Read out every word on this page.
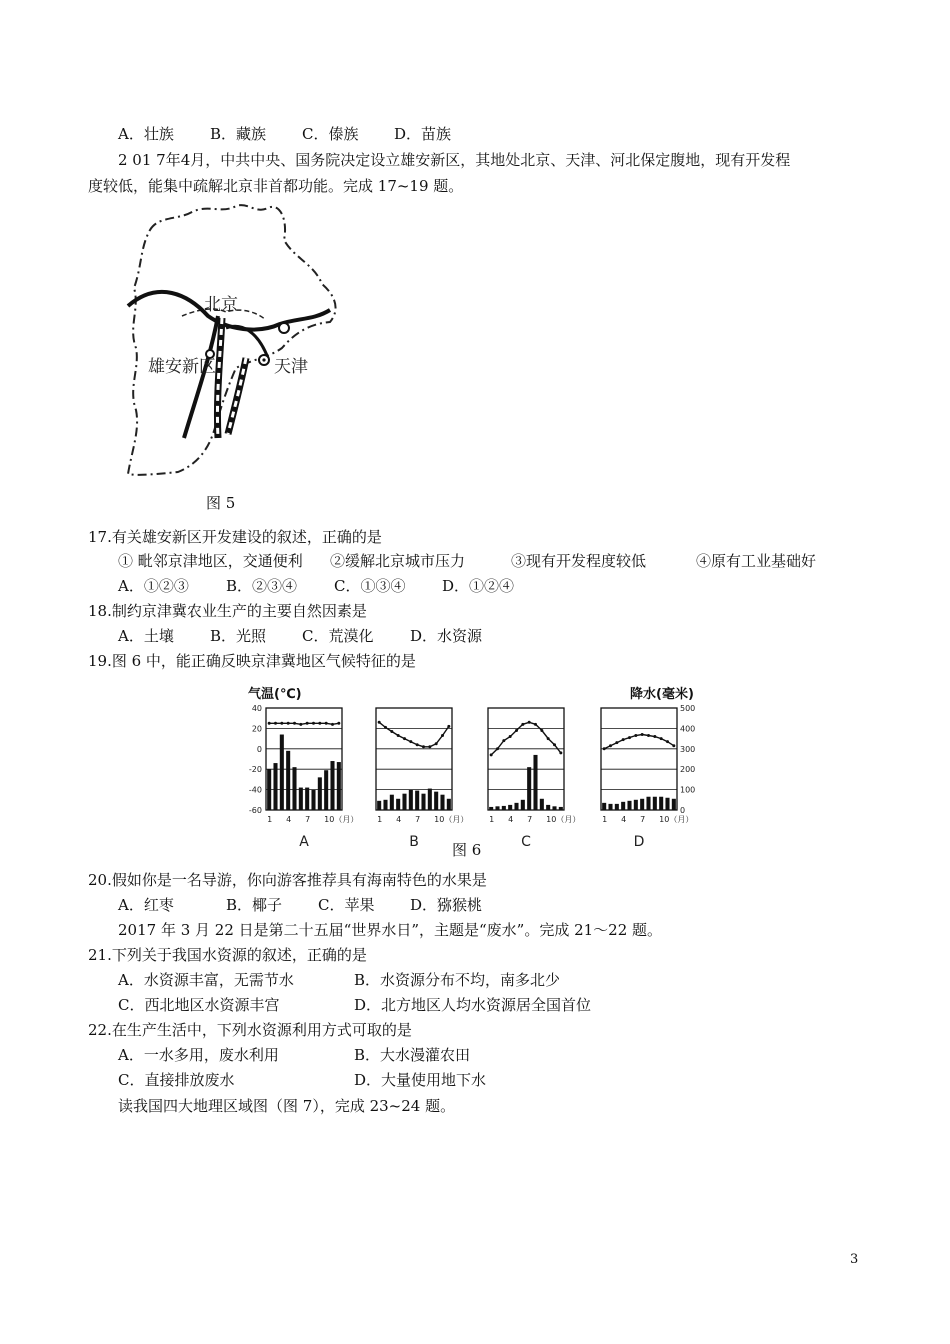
A．壮族 B．藏族 C．傣族 D．苗族
2 01 7年4月，中共中央、国务院决定设立雄安新区，其地处北京、天津、河北保定腹地，现有开发程
度较低，能集中疏解北京非首都功能。完成 17~19 题。
北京
雄安新区	天津
图 5
17.有关雄安新区开发建设的叙述，正确的是
① 毗邻京津地区，交通便利 ②缓解北京城市压力	③现有开发程度较低	④原有工业基础好
A．①②③ B．②③④ C．①③④ D．①②④
18.制约京津冀农业生产的主要自然因素是
A．土壤 B．光照 C．荒漠化 D．水资源
19.图 6 中，能正确反映京津冀地区气候特征的是
气温(℃)	降水(毫米)
40
20
0
-20
-40
-60
500
400
300
200
100
0
1 4 7 10（月）
A
1 4 7 10（月）
B
1 4 7 10（月）
C
1 4 7 10（月）
D
图 6
20.假如你是一名导游，你向游客推荐具有海南特色的水果是
A．红枣	B．椰子 C．苹果 D．猕猴桃
2017 年 3 月 22 日是第二十五届“世界水日”，主题是“废水”。完成 21～22 题。
21.下列关于我国水资源的叙述，正确的是
A．水资源丰富，无需节水	B．水资源分布不均，南多北少
C．西北地区水资源丰宫	D．北方地区人均水资源居全国首位
22.在生产生活中，下列水资源利用方式可取的是
A．一水多用，废水利用	B．大水漫灌农田
C．直接排放废水	D．大量使用地下水
读我国四大地理区域图（图 7），完成 23~24 题。
3
